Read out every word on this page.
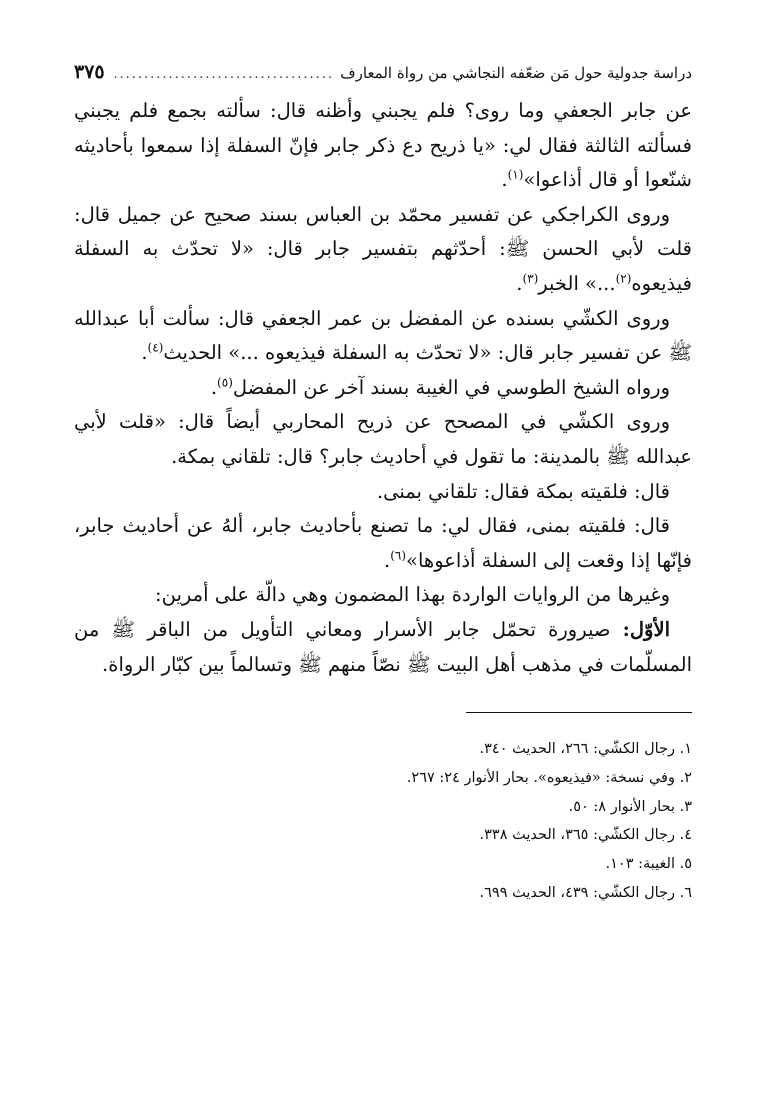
دراسة جدولية حول مَن ضعّفه النجاشي من رواة المعارف
.....
٣٧٥

عن جابر الجعفي وما روى؟ فلم يجبني وأظنه قال: سألته بجمع فلم يجبني فسألته الثالثة فقال لي: «يا ذريح دع ذكر جابر فإنّ السفلة إذا سمعوا بأحاديثه شنّعوا أو قال أذاعوا»$^{(١)}$.

وروى الكراجكي عن تفسير محمّد بن العباس بسند صحيح عن جميل قال: قلت لأبي الحسن ﷺ: أحدّثهم بتفسير جابر قال: «لا تحدّث به السفلة فيذيعوه$^{(٢)}$...» الخبر$^{(٣)}$.

وروى الكشّي بسنده عن المفضل بن عمر الجعفي قال: سألت أبا عبدالله ﷺ عن تفسير جابر قال: «لا تحدّث به السفلة فيذيعوه ...» الحديث$^{(٤)}$.

ورواه الشيخ الطوسي في الغيبة بسند آخر عن المفضل$^{(٥)}$.

وروى الكشّي في المصحح عن ذريح المحاربي أيضاً قال: «قلت لأبي عبدالله ﷺ بالمدينة: ما تقول في أحاديث جابر؟ قال: تلقاني بمكة.

قال: فلقيته بمكة فقال: تلقاني بمنى.

قال: فلقيته بمنى، فقال لي: ما تصنع بأحاديث جابر، ألهُ عن أحاديث جابر، فإنّها إذا وقعت إلى السفلة أذاعوها»$^{(٦)}$.

وغيرها من الروايات الواردة بهذا المضمون وهي دالّة على أمرين:

الأوّل: صيرورة تحمّل جابر الأسرار ومعاني التأويل من الباقر ﷺ من المسلّمات في مذهب أهل البيت ﷺ نصّاً منهم ﷺ وتسالماً بين كبّار الرواة.

١. رجال الكشّي: ٢٦٦، الحديث ٣٤٠.

٢. وفي نسخة: «فيذيعوه». بحار الأنوار ٢٤: ٢٦٧.

٣. بحار الأنوار ٨: ٥٠.

٤. رجال الكشّي: ٣٦٥، الحديث ٣٣٨.

٥. الغيبة: ١٠٣.

٦. رجال الكشّي: ٤٣٩، الحديث ٦٩٩.
